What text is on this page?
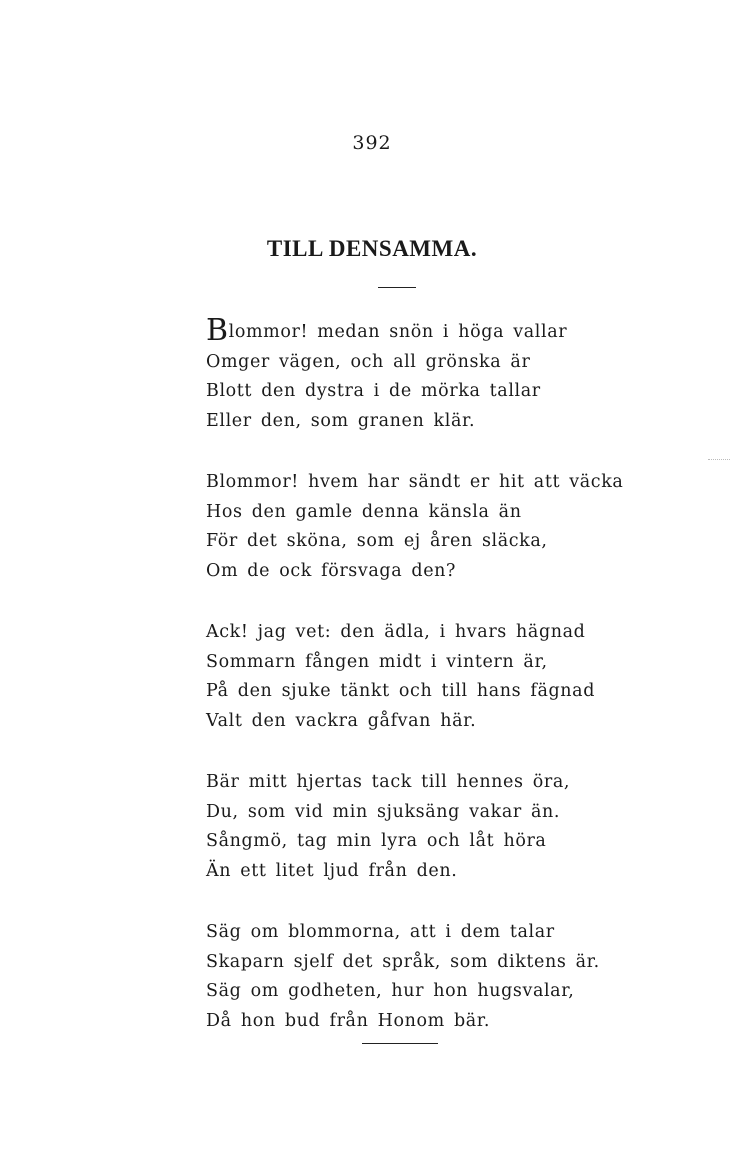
392
TILL DENSAMMA.
Blommor! medan snön i höga vallar
Omger vägen, och all grönska är
Blott den dystra i de mörka tallar
Eller den, som granen klär.
Blommor! hvem har sändt er hit att väcka
Hos den gamle denna känsla än
För det sköna, som ej åren släcka,
Om de ock försvaga den?
Ack! jag vet: den ädla, i hvars hägnad
Sommarn fången midt i vintern är,
På den sjuke tänkt och till hans fägnad
Valt den vackra gåfvan här.
Bär mitt hjertas tack till hennes öra,
Du, som vid min sjuksäng vakar än.
Sångmö, tag min lyra och låt höra
Än ett litet ljud från den.
Säg om blommorna, att i dem talar
Skaparn sjelf det språk, som diktens är.
Säg om godheten, hur hon hugsvalar,
Då hon bud från Honom bär.
